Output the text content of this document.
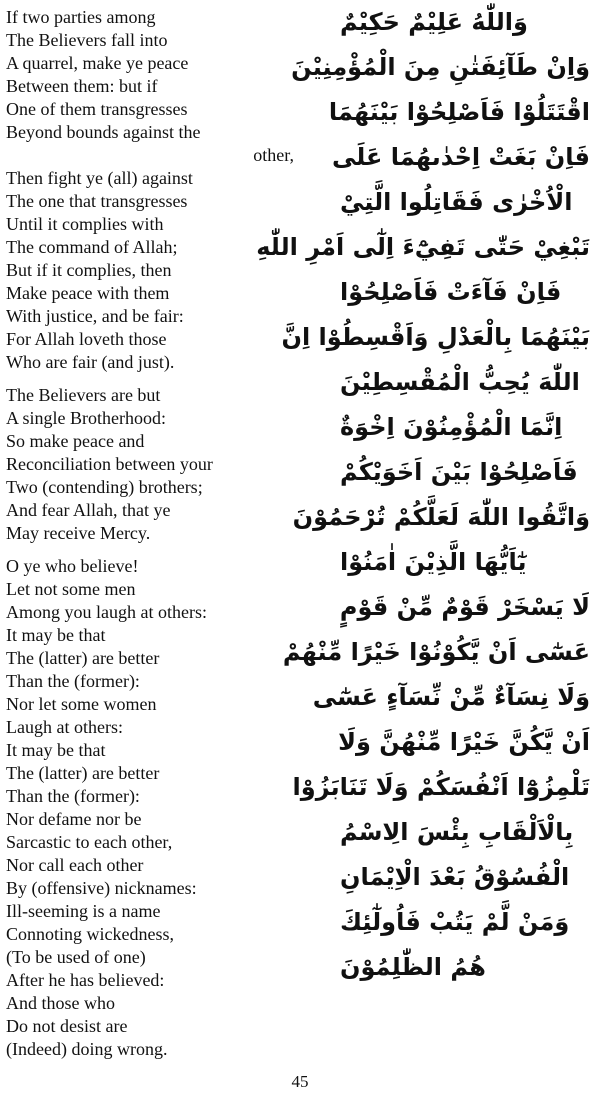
If two parties among
The Believers fall into
A quarrel, make ye peace
Between them: but if
One of them transgresses
Beyond bounds against the
other,
Then fight ye (all) against
The one that transgresses
Until it complies with
The command of Allah;
But if it complies, then
Make peace with them
With justice, and be fair:
For Allah loveth those
Who are fair (and just).
The Believers are but
A single Brotherhood:
So make peace and
Reconciliation between your
Two (contending) brothers;
And fear Allah, that ye
May receive Mercy.
O ye who believe!
Let not some men
Among you laugh at others:
It may be that
The (latter) are better
Than the (former):
Nor let some women
Laugh at others:
It may be that
The (latter) are better
Than the (former):
Nor defame nor be
Sarcastic to each other,
Nor call each other
By (offensive) nicknames:
Ill-seeming is a name
Connoting wickedness,
(To be used of one)
After he has believed:
And those who
Do not desist are
(Indeed) doing wrong.
وَاللّٰهُ عَلِيْمٌ حَكِيْمٌ
وَاِنْ طَآئِفَتٰنِ مِنَ الْمُؤْمِنِيْنَ
اقْتَتَلُوْا فَاَصْلِحُوْا بَيْنَهُمَا
فَاِنْ بَغَتْ اِحْدٰىهُمَا عَلَى
الْاُخْرٰى فَقَاتِلُوا الَّتِيْ
تَبْغِيْ حَتّٰى تَفِيْٓءَ اِلٰٓى اَمْرِ اللّٰهِ
فَاِنْ فَآءَتْ فَاَصْلِحُوْا
بَيْنَهُمَا بِالْعَدْلِ وَاَقْسِطُوْا اِنَّ
اللّٰهَ يُحِبُّ الْمُقْسِطِيْنَ
اِنَّمَا الْمُؤْمِنُوْنَ اِخْوَةٌ
فَاَصْلِحُوْا بَيْنَ اَخَوَيْكُمْ
وَاتَّقُوا اللّٰهَ لَعَلَّكُمْ تُرْحَمُوْنَ
يٰٓاَيُّهَا الَّذِيْنَ اٰمَنُوْا
لَا يَسْخَرْ قَوْمٌ مِّنْ قَوْمٍ
عَسٰٓى اَنْ يَّكُوْنُوْا خَيْرًا مِّنْهُمْ
وَلَا نِسَآءٌ مِّنْ نِّسَآءٍ عَسٰٓى
اَنْ يَّكُنَّ خَيْرًا مِّنْهُنَّ وَلَا
تَلْمِزُوْٓا اَنْفُسَكُمْ وَلَا تَنَابَزُوْا
بِالْاَلْقَابِ بِئْسَ الِاسْمُ
الْفُسُوْقُ بَعْدَ الْاِيْمَانِ
وَمَنْ لَّمْ يَتُبْ فَاُولٰٓئِكَ
هُمُ الظّٰلِمُوْنَ
45
